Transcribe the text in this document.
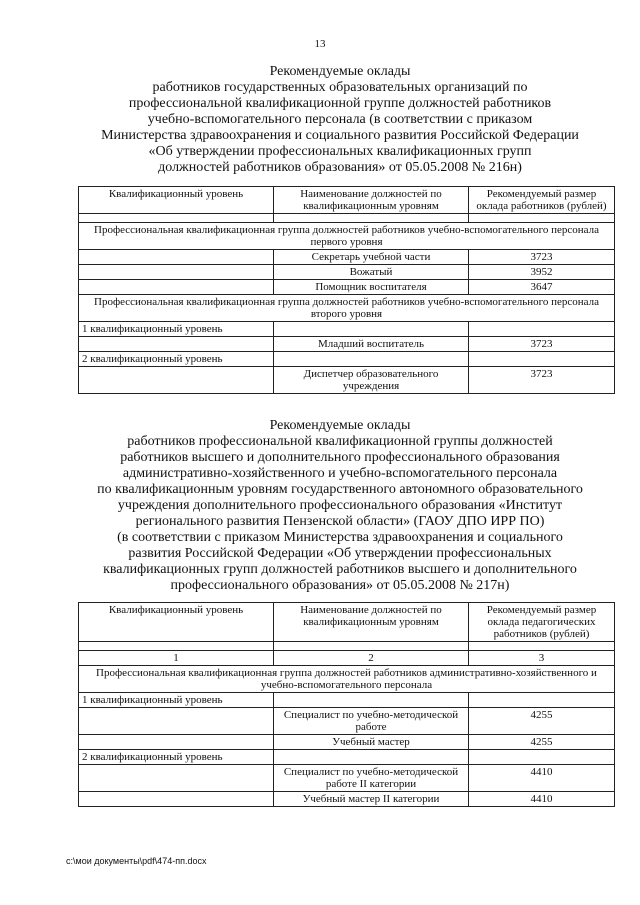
13
Рекомендуемые оклады
работников государственных образовательных организаций по
профессиональной квалификационной группе должностей работников
учебно-вспомогательного персонала (в соответствии с приказом
Министерства здравоохранения и социального развития Российской Федерации
«Об утверждении профессиональных квалификационных групп
должностей работников образования» от 05.05.2008 № 216н)
Квалификационный уровень	Наименование должностей по квалификационным уровням	Рекомендуемый размер оклада работников (рублей)

Профессиональная квалификационная группа должностей работников учебно-вспомогательного персонала первого уровня		
	Секретарь учебной части	3723
	Вожатый	3952
	Помощник воспитателя	3647
Профессиональная квалификационная группа должностей работников учебно-вспомогательного персонала второго уровня		
1 квалификационный уровень		
	Младший воспитатель	3723
2 квалификационный уровень		
	Диспетчер образовательного учреждения	3723
Рекомендуемые оклады
работников профессиональной квалификационной группы должностей
работников высшего и дополнительного профессионального образования
административно-хозяйственного и учебно-вспомогательного персонала
по квалификационным уровням государственного автономного образовательного
учреждения дополнительного профессионального образования «Институт
регионального развития Пензенской области» (ГАОУ ДПО ИРР ПО)
(в соответствии с приказом Министерства здравоохранения и социального
развития Российской Федерации «Об утверждении профессиональных
квалификационных групп должностей работников высшего и дополнительного
профессионального образования» от 05.05.2008 № 217н)
Квалификационный уровень	Наименование должностей по квалификационным уровням	Рекомендуемый размер оклада педагогических работников (рублей)

1	2	3
Профессиональная квалификационная группа должностей работников административно-хозяйственного и учебно-вспомогательного персонала		
1 квалификационный уровень		
	Специалист по учебно-методической работе	4255
	Учебный мастер	4255
2 квалификационный уровень		
	Специалист по учебно-методической работе II категории	4410
	Учебный мастер II категории	4410
c:\мои документы\pdf\474-пп.docx
